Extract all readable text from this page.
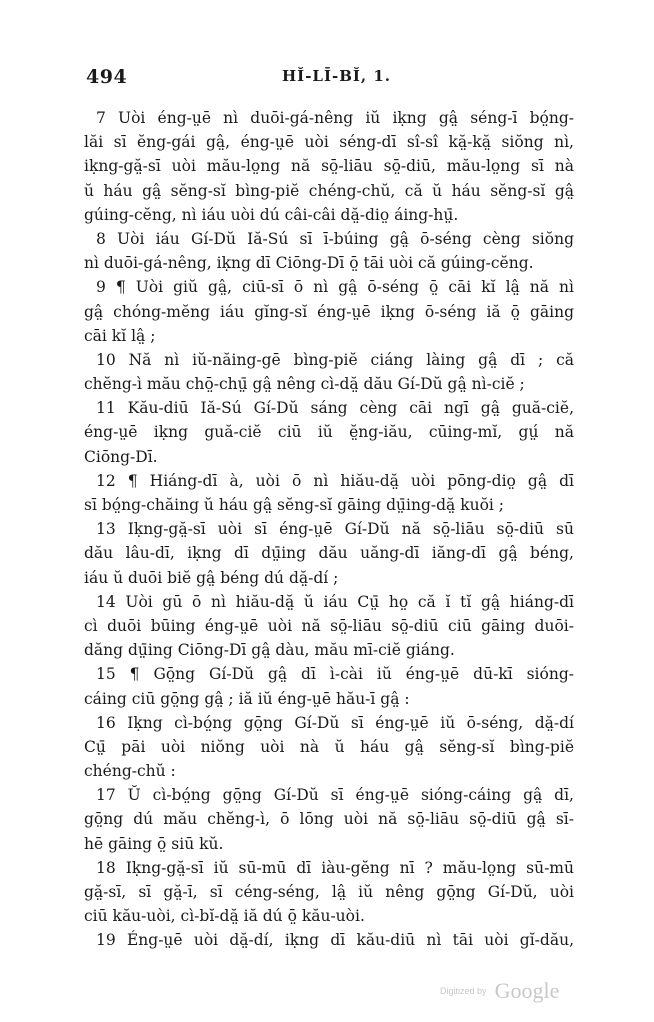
494	HĬ-LĪ-BĬ, 1.
7 Uòi éng-ṳē nì duōi-gá-nêng iŭ iḳng gâ̤ séng-ī bó̤ng-
lăi sī ĕng-gái gâ̤, éng-ṳē uòi séng-dī sî-sî kă̤-kă̤ siŏng nì,
iḳng-gă̤-sī uòi mău-lo̤ng nă sō̤-liāu sō̤-diū, mău-lo̤ng sī nà
ŭ háu gâ̤ sĕng-sĭ bìng-piĕ chéng-chŭ, că ŭ háu sĕng-sĭ gâ̤
gúing-cĕng, nì iáu uòi dú câi-câi dă̤-dio̤ áing-hṳ̄.
8 Uòi iáu Gí-Dŭ Iă-Sú sī ī-búing gâ̤ ō-séng cèng siŏng
nì duōi-gá-nêng, iḳng dī Ciōng-Dī ō̤ tāi uòi că gúing-cĕng.
9 ¶ Uòi giŭ gâ̤, ciū-sī ō nì gâ̤ ō-séng ō̤ cāi kĭ lâ̤ nă nì
gâ̤ chóng-mĕng iáu gĭng-sĭ éng-ṳē iḳng ō-séng iă ō̤ gāing
cāi kĭ lâ̤ ;
10 Nă nì iŭ-năing-gē bìng-piĕ ciáng làing gâ̤ dī ; că
chĕng-ì mău chō̤-chṳ̄ gâ̤ nêng cì-dă̤ dău Gí-Dŭ gâ̤ nì-ciĕ ;
11 Kău-diū Iă-Sú Gí-Dŭ sáng cèng cāi ngī gâ̤ guă-ciĕ,
éng-ṳē iḳng guă-ciĕ ciū iŭ ĕ̤ng-iău, cūing-mĭ, gṳ́ nă
Ciōng-Dī.
12 ¶ Hiáng-dī à, uòi ō nì hiău-dă̤ uòi pōng-dio̤ gâ̤ dī
sī bó̤ng-chăing ŭ háu gâ̤ sĕng-sĭ gāing dṳ̄ing-dă̤ kuŏi ;
13 Iḳng-gă̤-sī uòi sī éng-ṳē Gí-Dŭ nă sō̤-liāu sō̤-diū sū
dău lâu-dī, iḳng dī dṳ̄ing dău uăng-dī iăng-dī gâ̤ béng,
iáu ŭ duōi biĕ gâ̤ béng dú dă̤-dí ;
14 Uòi gū ō nì hiău-dă̤ ŭ iáu Cṳ̄ ho̤ că ĭ tĭ gâ̤ hiáng-dī
cì duōi būing éng-ṳē uòi nă sō̤-liāu sō̤-diū ciū gāing duōi-
dăng dṳ̄ing Ciōng-Dī gâ̤ dàu, mău mī-ciĕ giáng.
15 ¶ Gō̤ng Gí-Dŭ gâ̤ dī ì-cài iŭ éng-ṳē dū-kī sióng-
cáing ciū gō̤ng gâ̤ ; iă iŭ éng-ṳē hău-ī gâ̤ :
16 Iḳng cì-bó̤ng gō̤ng Gí-Dŭ sī éng-ṳē iŭ ō-séng, dă̤-dí
Cṳ̄ pāi uòi niŏng uòi nà ŭ háu gâ̤ sĕng-sĭ bìng-piĕ
chéng-chŭ :
17 Ŭ cì-bó̤ng gō̤ng Gí-Dŭ sī éng-ṳē sióng-cáing gâ̤ dī,
gō̤ng dú mău chĕng-ì, ō lōng uòi nă sō̤-liāu sō̤-diū gâ̤ sī-
hē gāing ō̤ siū kŭ.
18 Iḳng-gă̤-sī iŭ sū-mū dī iàu-gĕng nī ? mău-lo̤ng sū-mū
gă̤-sī, sī gă̤-ī, sī céng-séng, lâ̤ iŭ nêng gō̤ng Gí-Dŭ, uòi
ciū kău-uòi, cì-bĭ-dă̤ iă dú ō̤ kău-uòi.
19 Éng-ṳē uòi dă̤-dí, iḳng dī kău-diū nì tāi uòi gĭ-dău,
Digitized by Google
